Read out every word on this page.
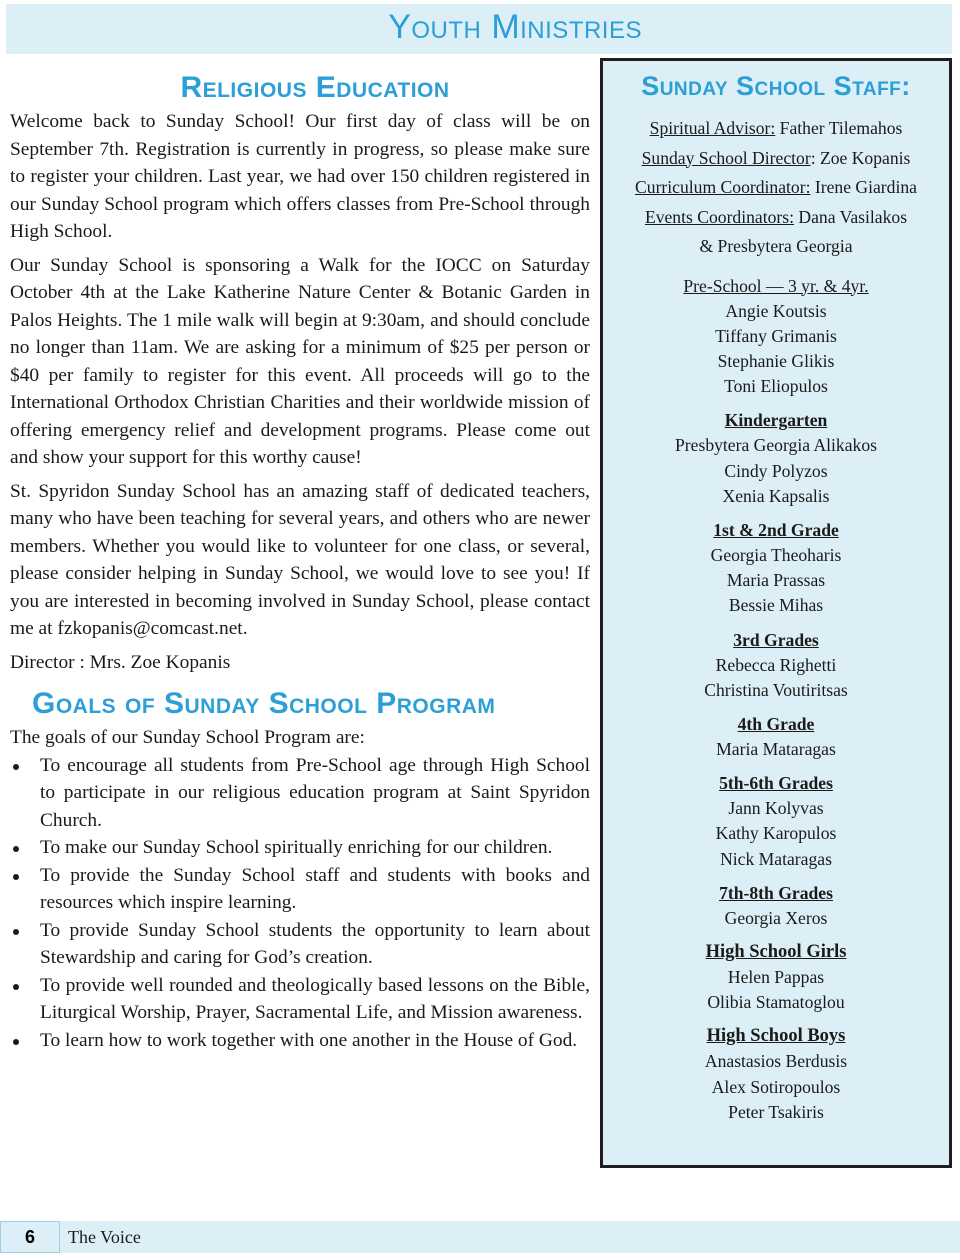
Youth Ministries
Religious Education

Welcome back to Sunday School! Our first day of class will be on September 7th. Registration is currently in progress, so please make sure to register your children. Last year, we had over 150 children registered in our Sunday School program which offers classes from Pre-School through High School.

Our Sunday School is sponsoring a Walk for the IOCC on Saturday October 4th at the Lake Katherine Nature Center & Botanic Garden in Palos Heights. The 1 mile walk will begin at 9:30am, and should conclude no longer than 11am. We are asking for a minimum of $25 per person or $40 per family to register for this event. All proceeds will go to the International Orthodox Christian Charities and their worldwide mission of offering emergency relief and development programs. Please come out and show your support for this worthy cause!

St. Spyridon Sunday School has an amazing staff of dedicated teachers, many who have been teaching for several years, and others who are newer members. Whether you would like to volunteer for one class, or several, please consider helping in Sunday School, we would love to see you! If you are interested in becoming involved in Sunday School, please contact me at fzkopanis@comcast.net.

Director : Mrs. Zoe Kopanis

Goals of Sunday School Program

The goals of our Sunday School Program are:

To encourage all students from Pre-School age through High School to participate in our religious education program at Saint Spyridon Church.
To make our Sunday School spiritually enriching for our children.
To provide the Sunday School staff and students with books and resources which inspire learning.
To provide Sunday School students the opportunity to learn about Stewardship and caring for God’s creation.
To provide well rounded and theologically based lessons on the Bible, Liturgical Worship, Prayer, Sacramental Life, and Mission awareness.
To learn how to work together with one another in the House of God.
Sunday School Staff:
Spiritual Advisor: Father Tilemahos
Sunday School Director: Zoe Kopanis
Curriculum Coordinator: Irene Giardina
Events Coordinators: Dana Vasilakos
& Presbytera Georgia
Pre-School — 3 yr. & 4yr.
Angie Koutsis
Tiffany Grimanis
Stephanie Glikis
Toni Eliopulos
Kindergarten
Presbytera Georgia Alikakos
Cindy Polyzos
Xenia Kapsalis
1st & 2nd Grade
Georgia Theoharis
Maria Prassas
Bessie Mihas
3rd Grades
Rebecca Righetti
Christina Voutiritsas
4th Grade
Maria Mataragas
5th-6th Grades
Jann Kolyvas
Kathy Karopulos
Nick Mataragas
7th-8th Grades
Georgia Xeros
High School Girls
Helen Pappas
Olibia Stamatoglou
High School Boys
Anastasios Berdusis
Alex Sotiropoulos
Peter Tsakiris
6	The Voice
